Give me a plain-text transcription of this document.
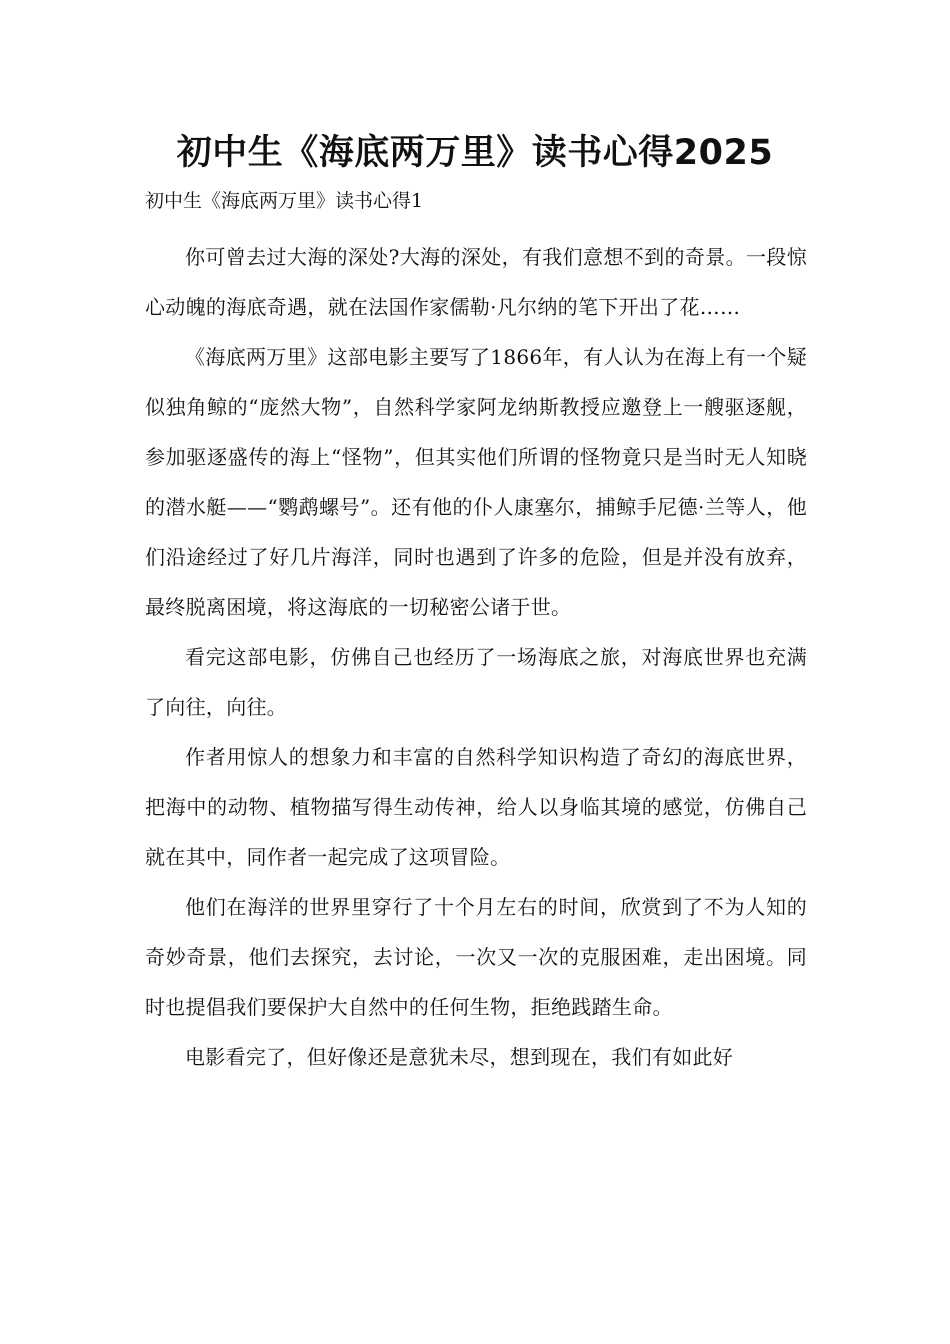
初中生《海底两万里》读书心得2025
初中生《海底两万里》读书心得1

你可曾去过大海的深处?大海的深处，有我们意想不到的奇景。一段惊心动魄的海底奇遇，就在法国作家儒勒·凡尔纳的笔下开出了花……

《海底两万里》这部电影主要写了1866年，有人认为在海上有一个疑似独角鲸的“庞然大物”，自然科学家阿龙纳斯教授应邀登上一艘驱逐舰，参加驱逐盛传的海上“怪物”，但其实他们所谓的怪物竟只是当时无人知晓的潜水艇——“鹦鹉螺号”。还有他的仆人康塞尔，捕鲸手尼德·兰等人，他们沿途经过了好几片海洋，同时也遇到了许多的危险，但是并没有放弃，最终脱离困境，将这海底的一切秘密公诸于世。

看完这部电影，仿佛自己也经历了一场海底之旅，对海底世界也充满了向往，向往。

作者用惊人的想象力和丰富的自然科学知识构造了奇幻的海底世界，把海中的动物、植物描写得生动传神，给人以身临其境的感觉，仿佛自己就在其中，同作者一起完成了这项冒险。

他们在海洋的世界里穿行了十个月左右的时间，欣赏到了不为人知的奇妙奇景，他们去探究，去讨论，一次又一次的克服困难，走出困境。同时也提倡我们要保护大自然中的任何生物，拒绝践踏生命。

电影看完了，但好像还是意犹未尽，想到现在，我们有如此好
